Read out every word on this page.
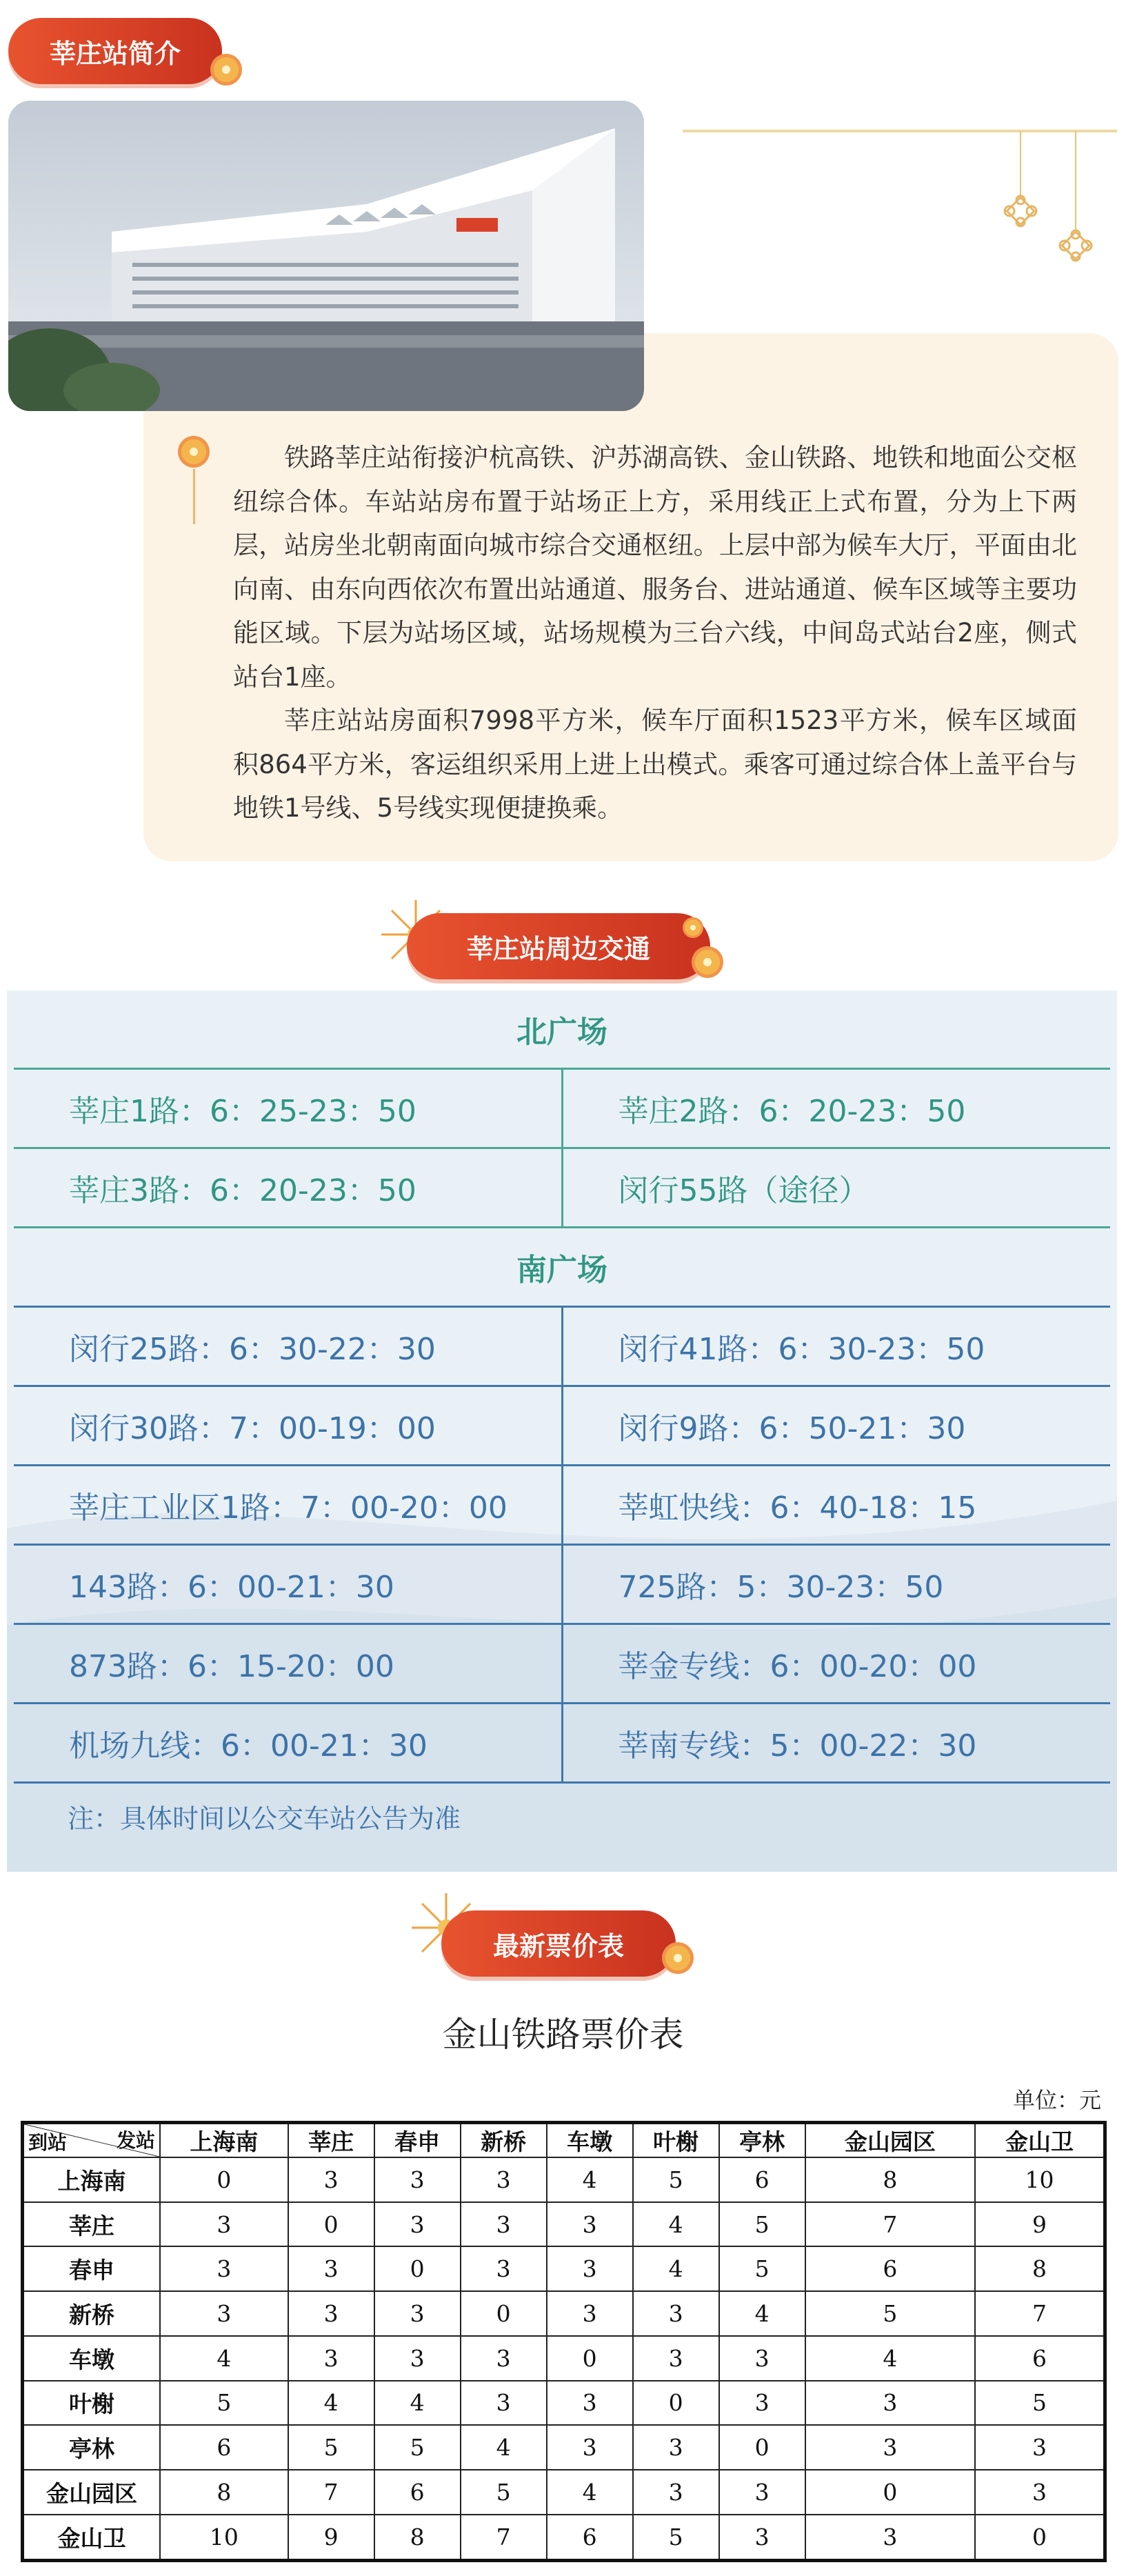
莘庄站简介

铁路莘庄站衔接沪杭高铁、沪苏湖高铁、金山铁路、地铁和地面公交枢纽综合体。车站站房布置于站场正上方，采用线正上式布置，分为上下两层，站房坐北朝南面向城市综合交通枢纽。上层中部为候车大厅，平面由北向南、由东向西依次布置出站通道、服务台、进站通道、候车区域等主要功能区域。下层为站场区域，站场规模为三台六线，中间岛式站台2座，侧式站台1座。

莘庄站站房面积7998平方米，候车厅面积1523平方米，候车区域面积864平方米，客运组织采用上进上出模式。乘客可通过综合体上盖平台与地铁1号线、5号线实现便捷换乘。

莘庄站周边交通
北广场
莘庄1路：6：25-23：50	莘庄2路：6：20-23：50
莘庄3路：6：20-23：50	闵行55路（途径）
南广场
闵行25路：6：30-22：30	闵行41路：6：30-23：50
闵行30路：7：00-19：00	闵行9路：6：50-21：30
莘庄工业区1路：7：00-20：00	莘虹快线：6：40-18：15
143路：6：00-21：30	725路：5：30-23：50
873路：6：15-20：00	莘金专线：6：00-20：00
机场九线：6：00-21：30	莘南专线：5：00-22：30
注：具体时间以公交车站公告为准
最新票价表
金山铁路票价表
单位：元
发站
到站	上海南	莘庄	春申	新桥	车墩	叶榭	亭林	金山园区	金山卫
上海南	0	3	3	3	4	5	6	8	10
莘庄	3	0	3	3	3	4	5	7	9
春申	3	3	0	3	3	4	5	6	8
新桥	3	3	3	0	3	3	4	5	7
车墩	4	3	3	3	0	3	3	4	6
叶榭	5	4	4	3	3	0	3	3	5
亭林	6	5	5	4	3	3	0	3	3
金山园区	8	7	6	5	4	3	3	0	3
金山卫	10	9	8	7	6	5	3	3	0
